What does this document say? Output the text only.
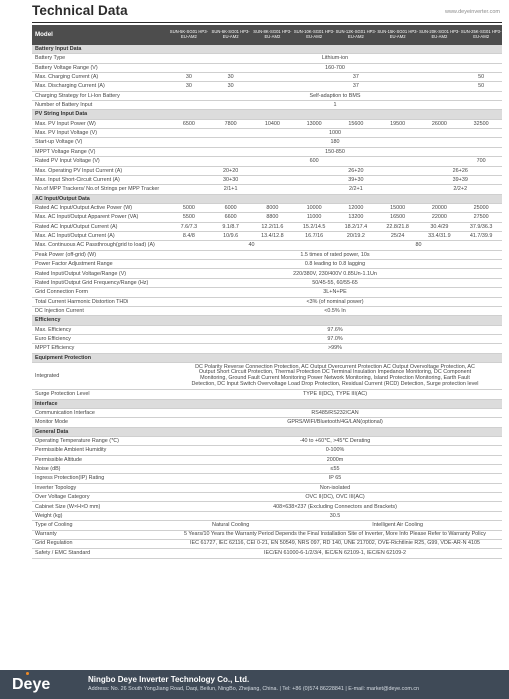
Technical Data	www.deyeinverter.com
Model	SUN-5K-SG01 HP3-EU-AM2	SUN-6K-SG01 HP3-EU-AM2	SUN-8K-SG01 HP3-EU-AM2	SUN-10K-SG01 HP3-EU-AM2	SUN-12K-SG01 HP3-EU-AM2	SUN-15K-SG01 HP3-EU-AM2	SUN-20K-SG01 HP3-EU-AM2	SUN-25K-SG01 HP3-EU-AM2
Battery Input Data								
Battery Type	Lithium-ion							
Battery Voltage Range (V)	160-700							
Max. Charging Current (A)	30	30	37					50
Max. Discharging Current (A)	30	30	37					50
Charging Strategy for Li-Ion Battery	Self-adaption to BMS							
Number of Battery Input	1							
PV String Input Data								
Max. PV Input Power (W)	6500	7800	10400	13000	15600	19500	26000	32500
Max. PV Input Voltage (V)	1000							
Start-up Voltage (V)	180							
MPPT Voltage Range (V)	150-850							
Rated PV Input Voltage (V)	600							700
Max. Operating PV Input Current (A)	20+20			26+20			26+26	
Max. Input Short-Circuit Current (A)	30+30			39+30			39+39	
No.of MPP Trackers/ No.of Strings per MPP Tracker	2/1+1			2/2+1			2/2+2	
AC Input/Output Data								
Rated AC Input/Output Active Power (W)	5000	6000	8000	10000	12000	15000	20000	25000
Max. AC Input/Output Apparent Power (VA)	5500	6600	8800	11000	13200	16500	22000	27500
Rated AC Input/Output Current (A)	7.6/7.3	9.1/8.7	12.2/11.6	15.2/14.5	18.2/17.4	22.8/21.8	30.4/29	37.9/36.3
Max. AC Input/Output Current (A)	8.4/8	10/9.6	13.4/12.8	16.7/16	20/19.2	25/24	33.4/31.9	41.7/39.9
Max. Continuous AC Passthrough(grid to load) (A)	40				80			
Peak Power (off-grid) (W)	1.5 times of rated power, 10s							
Power Factor Adjustment Range	0.8 leading to 0.8 lagging							
Rated Input/Output Voltage/Range (V)	220/380V, 230/400V 0.85Un-1.1Un							
Rated Input/Output Grid Frequency/Range (Hz)	50/45-55, 60/55-65							
Grid Connection Form	3L+N+PE							
Total Current Harmonic Distortion THDi	<3% (of nominal power)							
DC Injection Current	<0.5% In							
Efficiency								
Max. Efficiency	97.6%							
Euro Efficiency	97.0%							
MPPT Efficiency	>99%							
Equipment Protection								
Integrated	DC Polarity Reverse Connection Protection, AC Output Overcurrent Protection AC Output Overvoltage Protection, AC Output Short Circuit Protection, Thermal Protection DC Terminal Insulation Impedance Monitoring, DC Component Monitoring, Ground Fault Current Monitoring Power Network Monitoring, Island Protection Monitoring, Earth Fault Detection, DC Input Switch Overvoltage Load Drop Protection, Residual Current (RCD) Detection, Surge protection level							
Surge Protection Level	TYPE II(DC), TYPE III(AC)							
Interface								
Communication Interface	RS485/RS232/CAN							
Monitor Mode	GPRS/WIFI/Bluetooth/4G/LAN(optional)							
General Data								
Operating Temperature Range (℃)	-40 to +60℃, >45℃ Derating							
Permissible Ambient Humidity	0-100%							
Permissible Altitude	2000m							
Noise (dB)	≤55							
Ingress Protection(IP) Rating	IP 65							
Inverter Topology	Non-isolated							
Over Voltage Category	OVC II(DC), OVC III(AC)							
Cabinet Size (W×H×D mm)	408×638×237 (Excluding Connectors and Brackets)							
Weight (kg)	30.5							
Type of Cooling	Natural Cooling			Intelligent Air Cooling				
Warranty	5 Years/10 Years the Warranty Period Depends the Final Installation Site of Inverter, More Info Please Refer to Warranty Policy							
Grid Regulation	IEC 61727, IEC 62116, CEI 0-21, EN 50549, NRS 097, RD 140, UNE 217002, OVE-Richtlinie R25, G99, VDE-AR-N 4105							
Safety / EMC Standard	IEC/EN 61000-6-1/2/3/4, IEC/EN 62109-1, IEC/EN 62109-2							
Deye	Ningbo Deye Inverter Technology Co., Ltd.
Address: No. 26 South YongJiang Road, Daqi, Beilun, NingBo, Zhejiang, China. | Tel: +86 (0)574 86228841 | E-mail: market@deye.com.cn
